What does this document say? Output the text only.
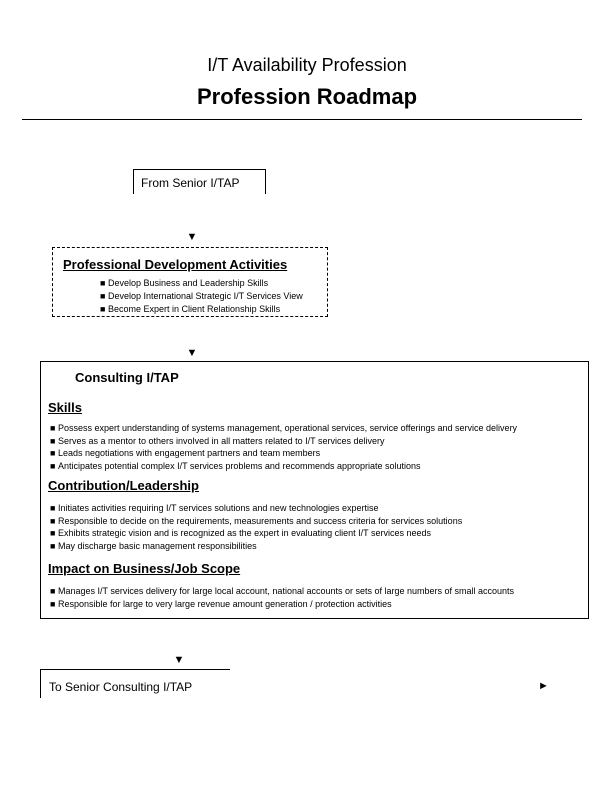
I/T Availability Profession
Profession Roadmap
From Senior I/TAP
▼
Professional Development Activities
■ Develop Business and Leadership Skills
■ Develop International Strategic I/T Services View
■ Become Expert in Client Relationship Skills
▼
Consulting I/TAP
Skills
■ Possess expert understanding of systems management, operational services, service offerings and service delivery
■ Serves as a mentor to others involved in all matters related to I/T services delivery
■ Leads negotiations with engagement partners and team members
■ Anticipates potential complex I/T services problems and recommends appropriate solutions
Contribution/Leadership
■ Initiates activities requiring I/T services solutions and new technologies expertise
■ Responsible to decide on the requirements, measurements and success criteria for services solutions
■ Exhibits strategic vision and is recognized as the expert in evaluating client I/T services needs
■ May discharge basic management responsibilities
Impact on Business/Job Scope
■ Manages I/T services delivery for large local account, national accounts or sets of large numbers of small accounts
■ Responsible for large to very large revenue amount generation / protection activities
▼
To Senior Consulting I/TAP	►
